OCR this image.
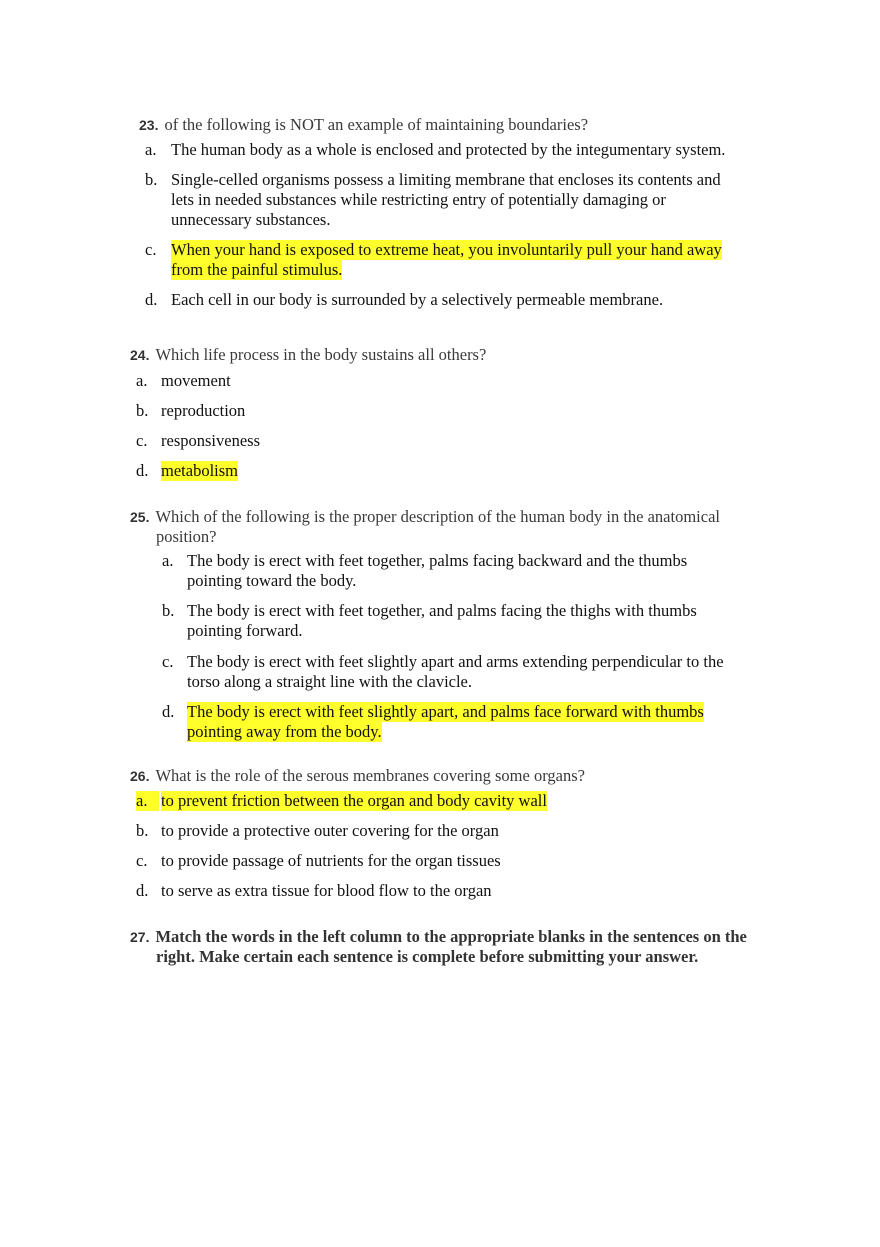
23. of the following is NOT an example of maintaining boundaries?
a. The human body as a whole is enclosed and protected by the integumentary system.
b. Single-celled organisms possess a limiting membrane that encloses its contents and
lets in needed substances while restricting entry of potentially damaging or
unnecessary substances.
c. When your hand is exposed to extreme heat, you involuntarily pull your hand away
from the painful stimulus.
d. Each cell in our body is surrounded by a selectively permeable membrane.
24. Which life process in the body sustains all others?
a. movement
b. reproduction
c. responsiveness
d. metabolism
25. Which of the following is the proper description of the human body in the anatomical
position?
a. The body is erect with feet together, palms facing backward and the thumbs
pointing toward the body.
b. The body is erect with feet together, and palms facing the thighs with thumbs
pointing forward.
c. The body is erect with feet slightly apart and arms extending perpendicular to the
torso along a straight line with the clavicle.
d. The body is erect with feet slightly apart, and palms face forward with thumbs
pointing away from the body.
26. What is the role of the serous membranes covering some organs?
a. to prevent friction between the organ and body cavity wall
b. to provide a protective outer covering for the organ
c. to provide passage of nutrients for the organ tissues
d. to serve as extra tissue for blood flow to the organ
27. Match the words in the left column to the appropriate blanks in the sentences on the
right. Make certain each sentence is complete before submitting your answer.
